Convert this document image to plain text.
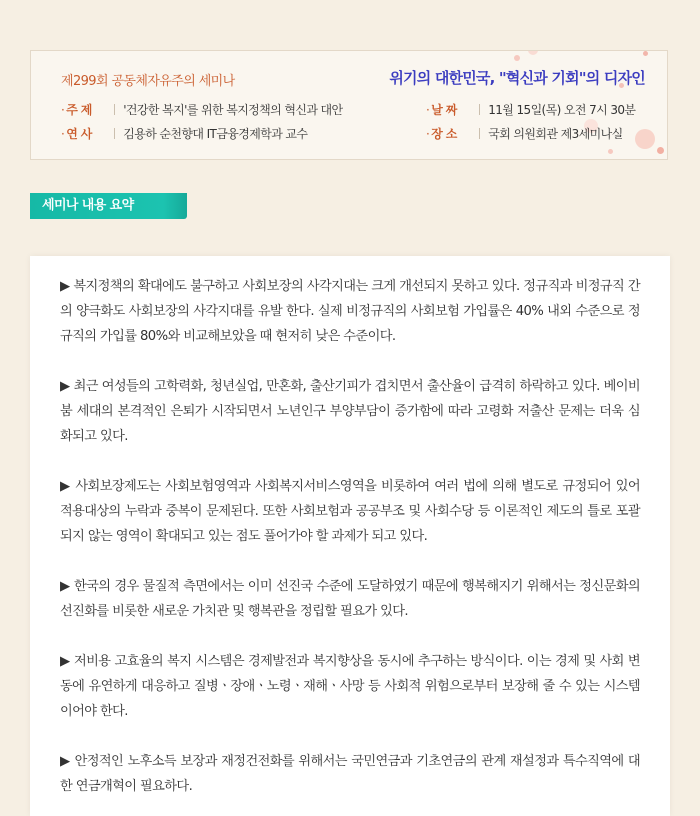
제299회 공동체자유주의 세미나	위기의 대한민국, "혁신과 기회"의 디자인
· 주 제	'건강한 복지'를 위한 복지정책의 혁신과 대안
· 연 사	김용하 순천향대 IT금융경제학과 교수
· 날 짜	11월 15일(목) 오전 7시 30분
· 장 소	국회 의원회관 제3세미나실
세미나 내용 요약

▶ 복지정책의 확대에도 불구하고 사회보장의 사각지대는 크게 개선되지 못하고 있다. 정규직과 비정규직 간의 양극화도 사회보장의 사각지대를 유발 한다. 실제 비정규직의 사회보험 가입률은 40% 내외 수준으로 정규직의 가입률 80%와 비교해보았을 때 현저히 낮은 수준이다.

▶ 최근 여성들의 고학력화, 청년실업, 만혼화, 출산기피가 겹치면서 출산율이 급격히 하락하고 있다. 베이비붐 세대의 본격적인 은퇴가 시작되면서 노년인구 부양부담이 증가함에 따라 고령화 저출산 문제는 더욱 심화되고 있다.

▶ 사회보장제도는 사회보험영역과 사회복지서비스영역을 비롯하여 여러 법에 의해 별도로 규정되어 있어 적용대상의 누락과 중복이 문제된다. 또한 사회보험과 공공부조 및 사회수당 등 이론적인 제도의 틀로 포괄되지 않는 영역이 확대되고 있는 점도 풀어가야 할 과제가 되고 있다.

▶ 한국의 경우 물질적 측면에서는 이미 선진국 수준에 도달하였기 때문에 행복해지기 위해서는 정신문화의 선진화를 비롯한 새로운 가치관 및 행복관을 정립할 필요가 있다.

▶ 저비용 고효율의 복지 시스템은 경제발전과 복지향상을 동시에 추구하는 방식이다. 이는 경제 및 사회 변동에 유연하게 대응하고 질병ㆍ장애ㆍ노령ㆍ재해ㆍ사망 등 사회적 위험으로부터 보장해 줄 수 있는 시스템이어야 한다.

▶ 안정적인 노후소득 보장과 재정건전화를 위해서는 국민연금과 기초연금의 관계 재설정과 특수직역에 대한 연금개혁이 필요하다.
